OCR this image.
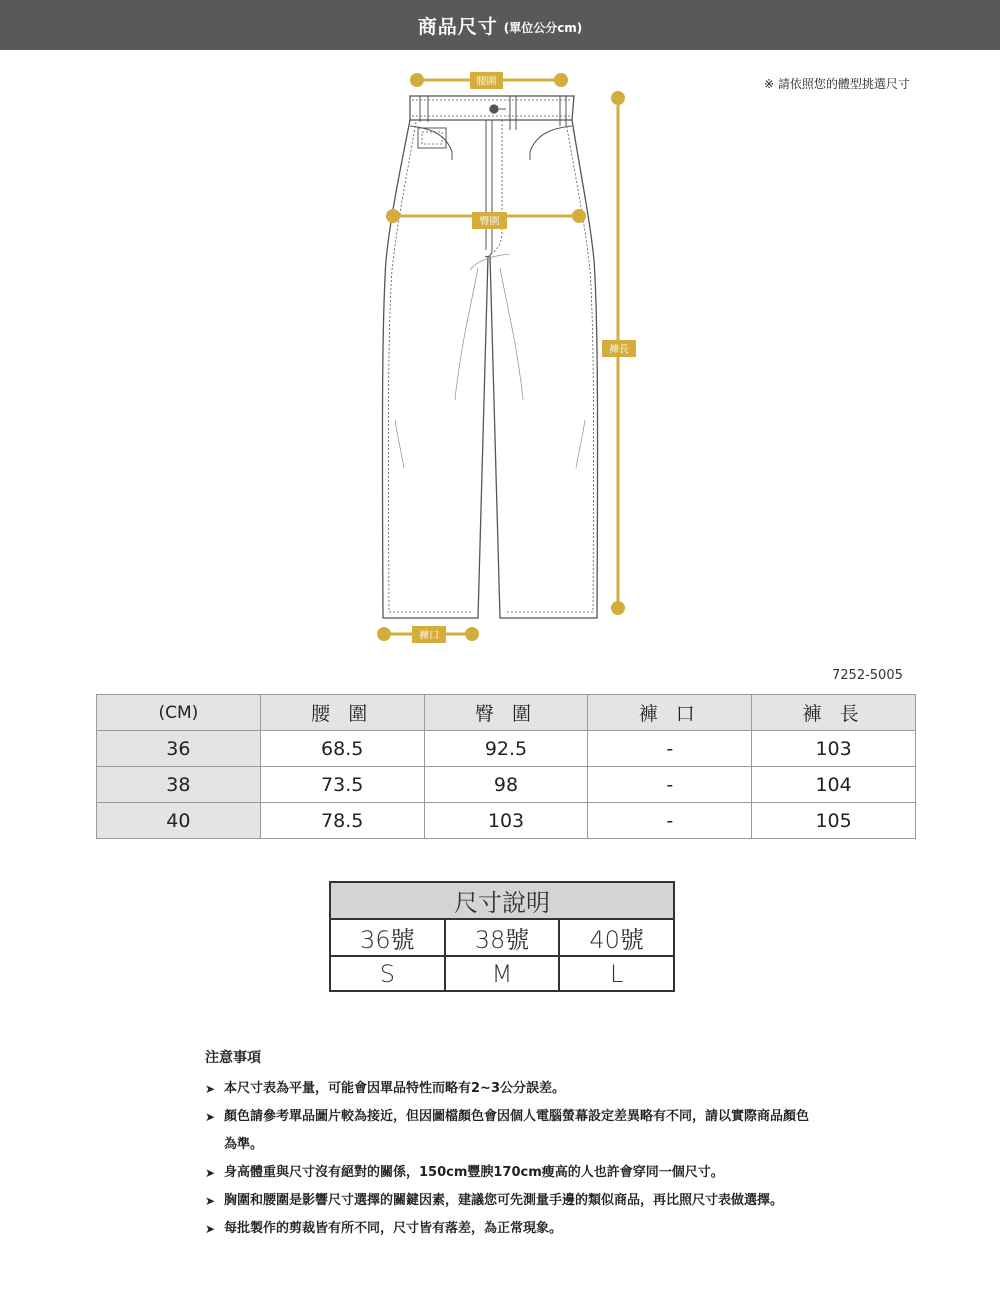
商品尺寸 (單位公分cm)
※ 請依照您的體型挑選尺寸
腰圍
臀圍
褲長
褲口
7252-5005
(CM)	腰 圍	臀 圍	褲 口	褲 長
36	68.5	92.5	-	103
38	73.5	98	-	104
40	78.5	103	-	105
尺寸說明		
36號	38號	40號
S	M	L
注意事項
➤ 本尺寸表為平量，可能會因單品特性而略有2~3公分誤差。
➤ 顏色請參考單品圖片較為接近，但因圖檔顏色會因個人電腦螢幕設定差異略有不同，請以實際商品顏色為準。
➤ 身高體重與尺寸沒有絕對的關係，150cm豐腴170cm瘦高的人也許會穿同一個尺寸。
➤ 胸圍和腰圍是影響尺寸選擇的關鍵因素，建議您可先測量手邊的類似商品，再比照尺寸表做選擇。
➤ 每批製作的剪裁皆有所不同，尺寸皆有落差，為正常現象。
